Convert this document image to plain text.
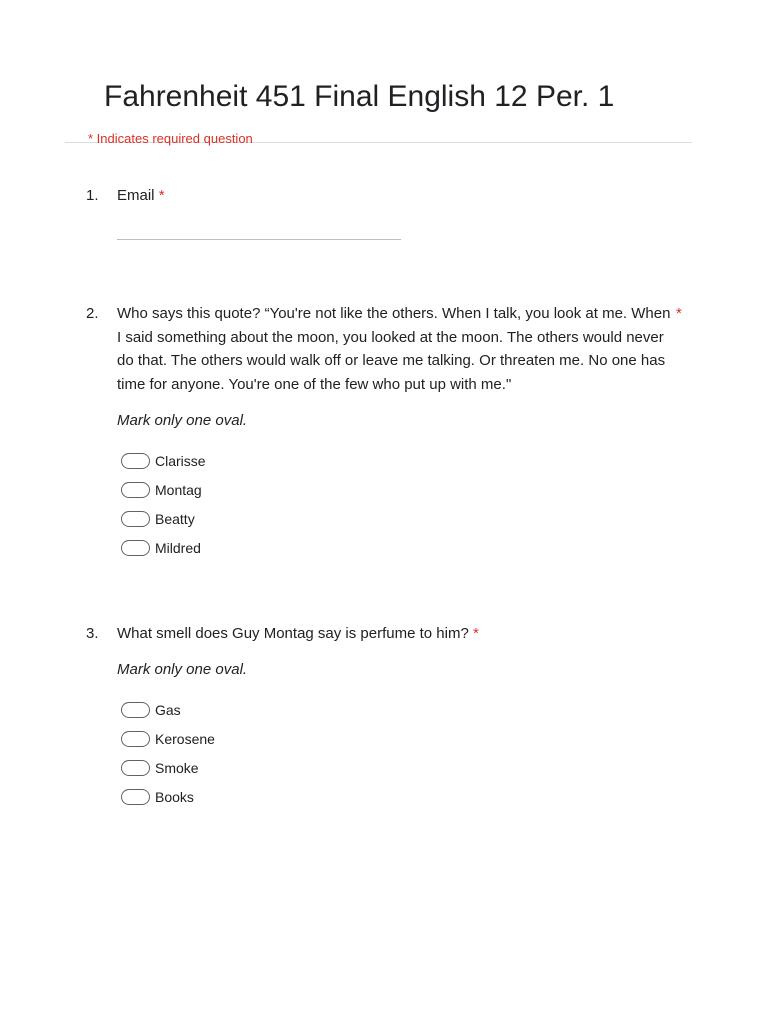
Fahrenheit 451 Final English 12 Per. 1
* Indicates required question
1. Email *
2. Who says this quote? “You're not like the others. When I talk, you look at me. When I said something about the moon, you looked at the moon. The others would never do that. The others would walk off or leave me talking. Or threaten me. No one has time for anyone. You're one of the few who put up with me."
*
Mark only one oval.
Clarisse
Montag
Beatty
Mildred
3. What smell does Guy Montag say is perfume to him? *
Mark only one oval.
Gas
Kerosene
Smoke
Books
